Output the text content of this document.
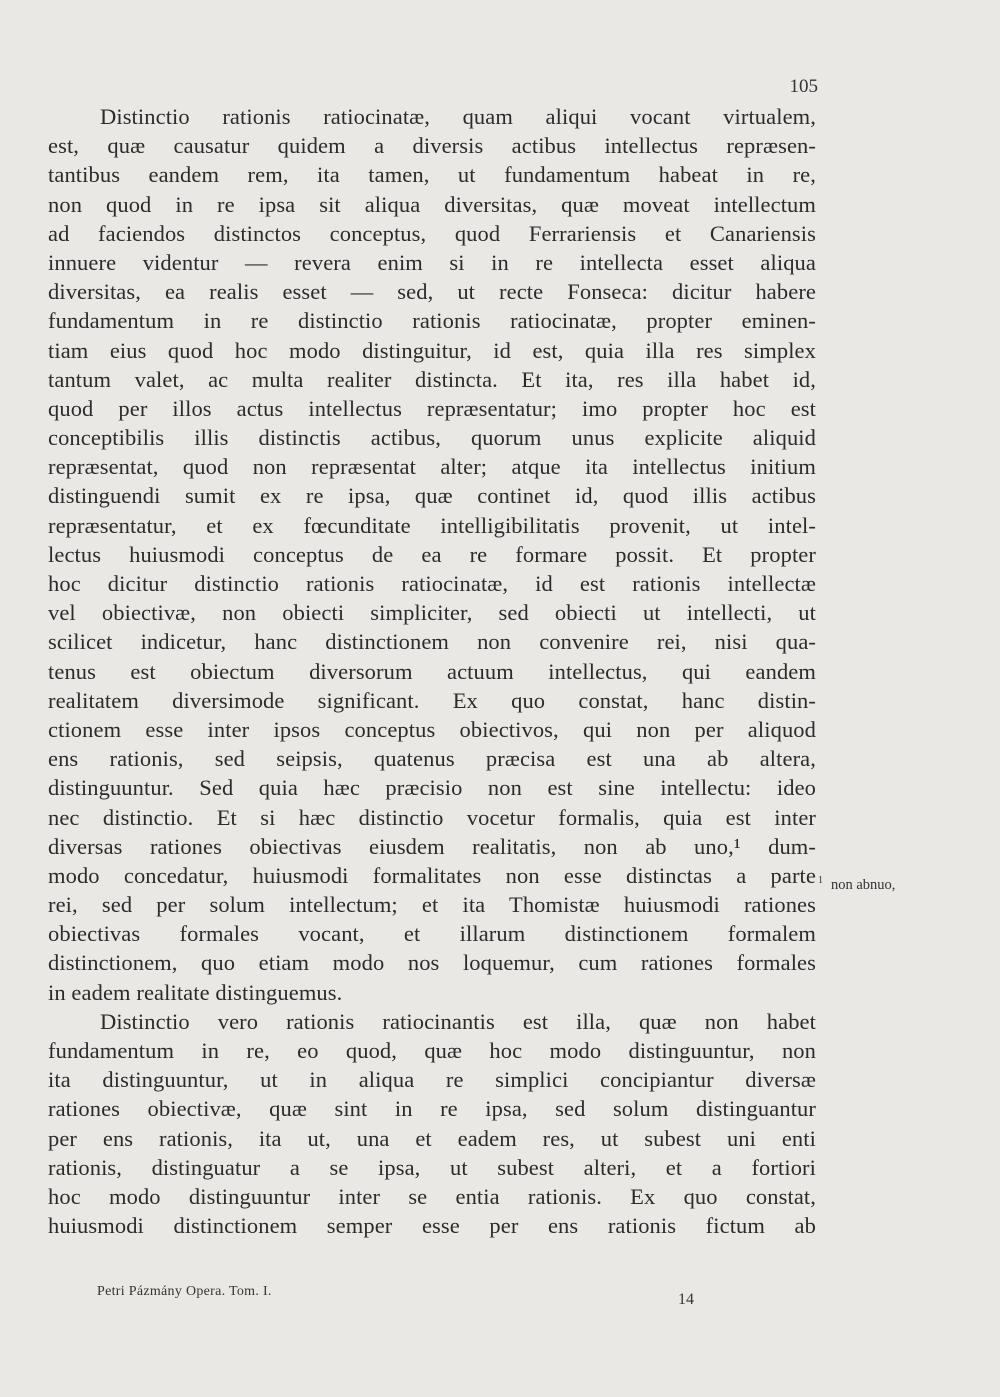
105
Distinctio rationis ratiocinatæ, quam aliqui vocant virtualem,
est, quæ causatur quidem a diversis actibus intellectus repræsen-
tantibus eandem rem, ita tamen, ut fundamentum habeat in re,
non quod in re ipsa sit aliqua diversitas, quæ moveat intellectum
ad faciendos distinctos conceptus, quod Ferrariensis et Canariensis
innuere videntur — revera enim si in re intellecta esset aliqua
diversitas, ea realis esset — sed, ut recte Fonseca: dicitur habere
fundamentum in re distinctio rationis ratiocinatæ, propter eminen-
tiam eius quod hoc modo distinguitur, id est, quia illa res simplex
tantum valet, ac multa realiter distincta. Et ita, res illa habet id,
quod per illos actus intellectus repræsentatur; imo propter hoc est
conceptibilis illis distinctis actibus, quorum unus explicite aliquid
repræsentat, quod non repræsentat alter; atque ita intellectus initium
distinguendi sumit ex re ipsa, quæ continet id, quod illis actibus
repræsentatur, et ex fœcunditate intelligibilitatis provenit, ut intel-
lectus huiusmodi conceptus de ea re formare possit. Et propter
hoc dicitur distinctio rationis ratiocinatæ, id est rationis intellectæ
vel obiectivæ, non obiecti simpliciter, sed obiecti ut intellecti, ut
scilicet indicetur, hanc distinctionem non convenire rei, nisi qua-
tenus est obiectum diversorum actuum intellectus, qui eandem
realitatem diversimode significant. Ex quo constat, hanc distin-
ctionem esse inter ipsos conceptus obiectivos, qui non per aliquod
ens rationis, sed seipsis, quatenus præcisa est una ab altera,
distinguuntur. Sed quia hæc præcisio non est sine intellectu: ideo
nec distinctio. Et si hæc distinctio vocetur formalis, quia est inter
diversas rationes obiectivas eiusdem realitatis, non ab uno,¹ dum-
modo concedatur, huiusmodi formalitates non esse distinctas a parte
rei, sed per solum intellectum; et ita Thomistæ huiusmodi rationes
obiectivas formales vocant, et illarum distinctionem formalem
distinctionem, quo etiam modo nos loquemur, cum rationes formales
in eadem realitate distinguemus.
Distinctio vero rationis ratiocinantis est illa, quæ non habet
fundamentum in re, eo quod, quæ hoc modo distinguuntur, non
ita distinguuntur, ut in aliqua re simplici concipiantur diversæ
rationes obiectivæ, quæ sint in re ipsa, sed solum distinguantur
per ens rationis, ita ut, una et eadem res, ut subest uni enti
rationis, distinguatur a se ipsa, ut subest alteri, et a fortiori
hoc modo distinguuntur inter se entia rationis. Ex quo constat,
huiusmodi distinctionem semper esse per ens rationis fictum ab
$^1$ non abnuo,
Petri Pázmány Opera. Tom. I.	14
